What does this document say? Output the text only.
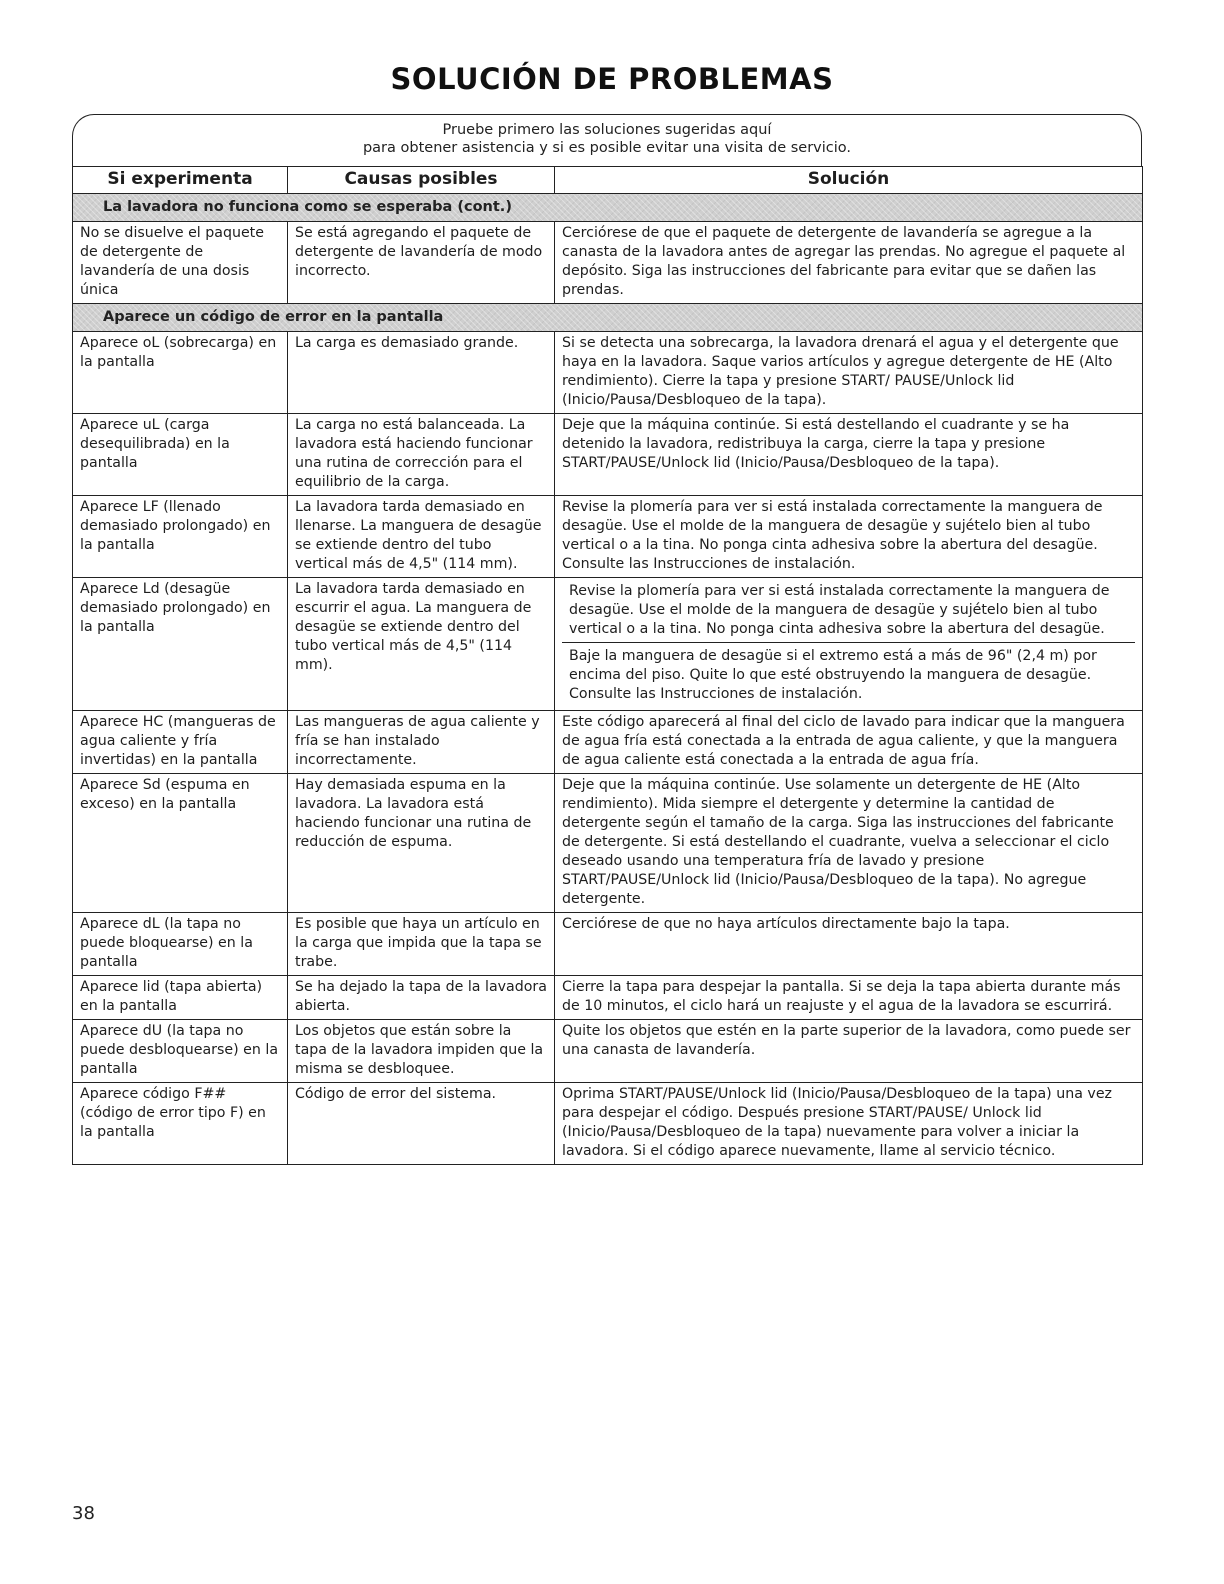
SOLUCIÓN DE PROBLEMAS
Pruebe primero las soluciones sugeridas aquí
para obtener asistencia y si es posible evitar una visita de servicio.
Si experimenta	Causas posibles	Solución
La lavadora no funciona como se esperaba (cont.)		
No se disuelve el paquete de detergente de lavandería de una dosis única	Se está agregando el paquete de detergente de lavandería de modo incorrecto.	Cerciórese de que el paquete de detergente de lavandería se agregue a la canasta de la lavadora antes de agregar las prendas. No agregue el paquete al depósito. Siga las instrucciones del fabricante para evitar que se dañen las prendas.
Aparece un código de error en la pantalla		
Aparece oL (sobrecarga) en la pantalla	La carga es demasiado grande.	Si se detecta una sobrecarga, la lavadora drenará el agua y el detergente que haya en la lavadora. Saque varios artículos y agregue detergente de HE (Alto rendimiento). Cierre la tapa y presione START/ PAUSE/Unlock lid (Inicio/Pausa/Desbloqueo de la tapa).
Aparece uL (carga desequilibrada) en la pantalla	La carga no está balanceada. La lavadora está haciendo funcionar una rutina de corrección para el equilibrio de la carga.	Deje que la máquina continúe. Si está destellando el cuadrante y se ha detenido la lavadora, redistribuya la carga, cierre la tapa y presione START/PAUSE/Unlock lid (Inicio/Pausa/Desbloqueo de la tapa).
Aparece LF (llenado demasiado prolongado) en la pantalla	La lavadora tarda demasiado en llenarse. La manguera de desagüe se extiende dentro del tubo vertical más de 4,5" (114 mm).	Revise la plomería para ver si está instalada correctamente la manguera de desagüe. Use el molde de la manguera de desagüe y sujételo bien al tubo vertical o a la tina. No ponga cinta adhesiva sobre la abertura del desagüe. Consulte las Instrucciones de instalación.
Aparece Ld (desagüe demasiado prolongado) en la pantalla	La lavadora tarda demasiado en escurrir el agua. La manguera de desagüe se extiende dentro del tubo vertical más de 4,5" (114 mm).	Revise la plomería para ver si está instalada correctamente la manguera de desagüe. Use el molde de la manguera de desagüe y sujételo bien al tubo vertical o a la tina. No ponga cinta adhesiva sobre la abertura del desagüe.
Baje la manguera de desagüe si el extremo está a más de 96" (2,4 m) por encima del piso. Quite lo que esté obstruyendo la manguera de desagüe. Consulte las Instrucciones de instalación.

Aparece HC (mangueras de agua caliente y fría invertidas) en la pantalla	Las mangueras de agua caliente y fría se han instalado incorrectamente.	Este código aparecerá al final del ciclo de lavado para indicar que la manguera de agua fría está conectada a la entrada de agua caliente, y que la manguera de agua caliente está conectada a la entrada de agua fría.
Aparece Sd (espuma en exceso) en la pantalla	Hay demasiada espuma en la lavadora. La lavadora está haciendo funcionar una rutina de reducción de espuma.	Deje que la máquina continúe. Use solamente un detergente de HE (Alto rendimiento). Mida siempre el detergente y determine la cantidad de detergente según el tamaño de la carga. Siga las instrucciones del fabricante de detergente. Si está destellando el cuadrante, vuelva a seleccionar el ciclo deseado usando una temperatura fría de lavado y presione START/PAUSE/Unlock lid (Inicio/Pausa/Desbloqueo de la tapa). No agregue detergente.
Aparece dL (la tapa no puede bloquearse) en la pantalla	Es posible que haya un artículo en la carga que impida que la tapa se trabe.	Cerciórese de que no haya artículos directamente bajo la tapa.
Aparece lid (tapa abierta) en la pantalla	Se ha dejado la tapa de la lavadora abierta.	Cierre la tapa para despejar la pantalla. Si se deja la tapa abierta durante más de 10 minutos, el ciclo hará un reajuste y el agua de la lavadora se escurrirá.
Aparece dU (la tapa no puede desbloquearse) en la pantalla	Los objetos que están sobre la tapa de la lavadora impiden que la misma se desbloquee.	Quite los objetos que estén en la parte superior de la lavadora, como puede ser una canasta de lavandería.
Aparece código F## (código de error tipo F) en la pantalla	Código de error del sistema.	Oprima START/PAUSE/Unlock lid (Inicio/Pausa/Desbloqueo de la tapa) una vez para despejar el código. Después presione START/PAUSE/ Unlock lid (Inicio/Pausa/Desbloqueo de la tapa) nuevamente para volver a iniciar la lavadora. Si el código aparece nuevamente, llame al servicio técnico.
38
